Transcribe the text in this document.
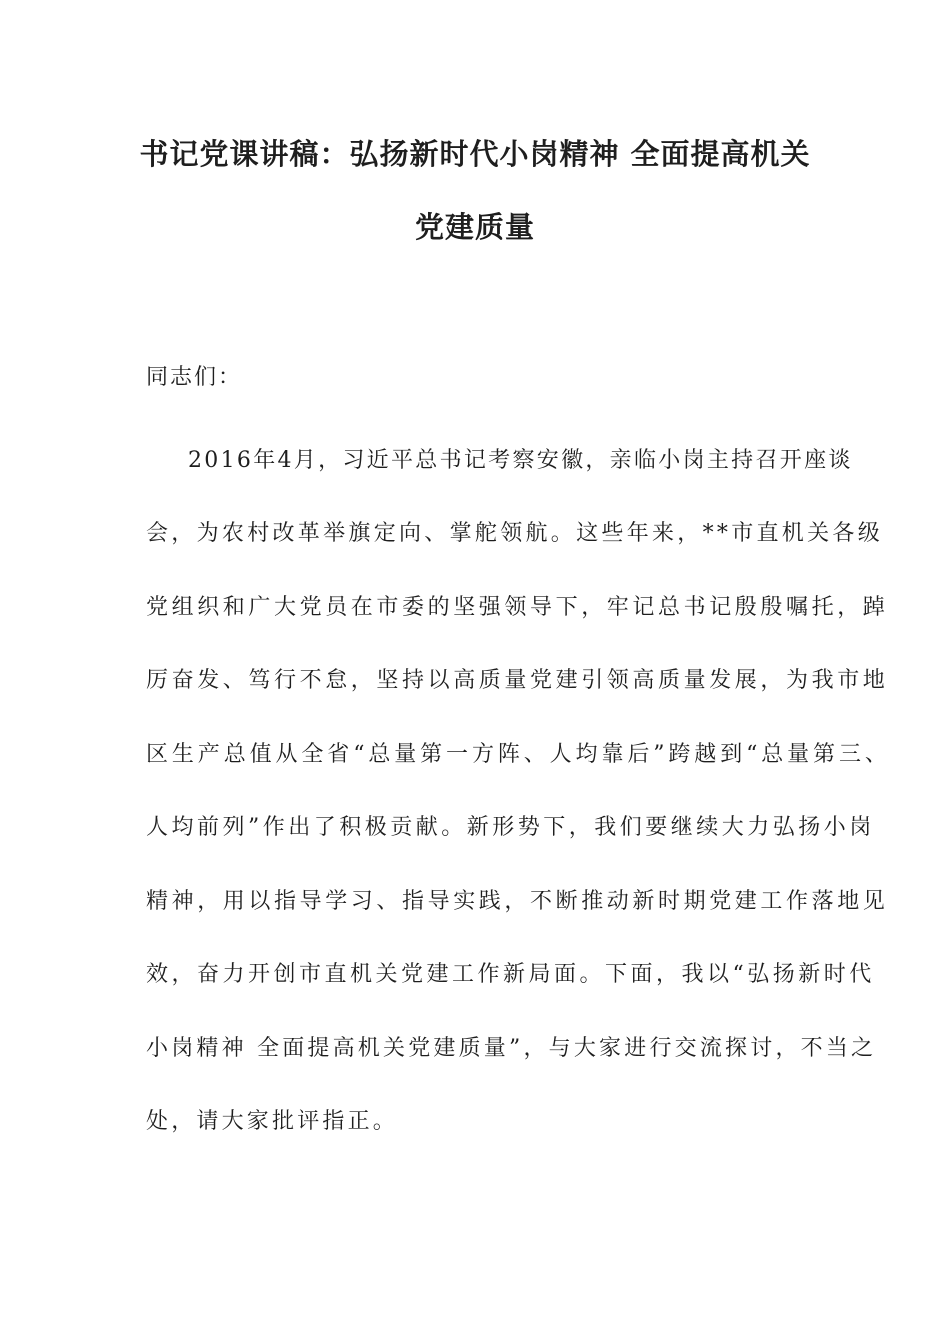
书记党课讲稿：弘扬新时代小岗精神 全面提高机关
党建质量
同志们：
2016年4月，习近平总书记考察安徽，亲临小岗主持召开座谈
会，为农村改革举旗定向、掌舵领航。这些年来，**市直机关各级
党组织和广大党员在市委的坚强领导下，牢记总书记殷殷嘱托，踔
厉奋发、笃行不怠，坚持以高质量党建引领高质量发展，为我市地
区生产总值从全省“总量第一方阵、人均靠后”跨越到“总量第三、
人均前列”作出了积极贡献。新形势下，我们要继续大力弘扬小岗
精神，用以指导学习、指导实践，不断推动新时期党建工作落地见
效，奋力开创市直机关党建工作新局面。下面，我以“弘扬新时代
小岗精神 全面提高机关党建质量”，与大家进行交流探讨，不当之
处，请大家批评指正。
